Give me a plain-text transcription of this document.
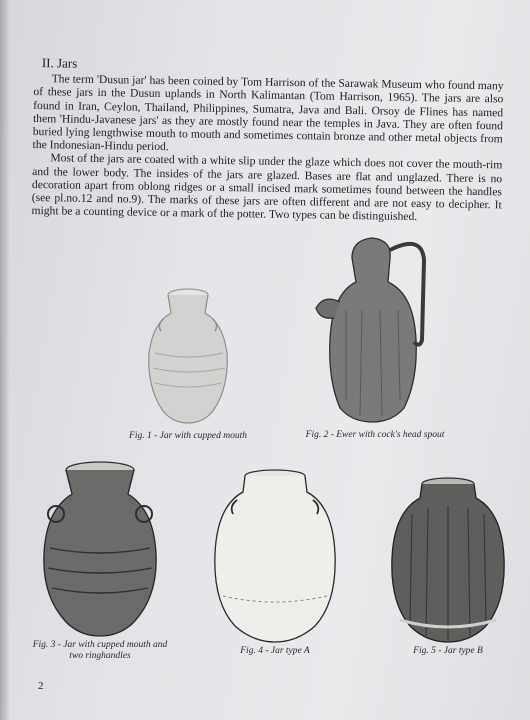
II. Jars

The term 'Dusun jar' has been coined by Tom Harrison of the Sarawak Museum who found many of these jars in the Dusun uplands in North Kalimantan (Tom Harrison, 1965). The jars are also found in Iran, Ceylon, Thailand, Philippines, Sumatra, Java and Bali. Orsoy de Flines has named them 'Hindu-Javanese jars' as they are mostly found near the temples in Java. They are often found buried lying lengthwise mouth to mouth and sometimes contain bronze and other metal objects from the Indonesian-Hindu period.

Most of the jars are coated with a white slip under the glaze which does not cover the mouth-rim and the lower body. The insides of the jars are glazed. Bases are flat and unglazed. There is no decoration apart from oblong ridges or a small incised mark sometimes found between the handles (see pl.no.12 and no.9). The marks of these jars are often different and are not easy to decipher. It might be a counting device or a mark of the potter. Two types can be distinguished.

Fig. 1 - Jar with cupped mouth	Fig. 2 - Ewer with cock's head spout
Fig. 3 - Jar with cupped mouth and two ringhandles	Fig. 4 - Jar type A	Fig. 5 - Jar type B
2
